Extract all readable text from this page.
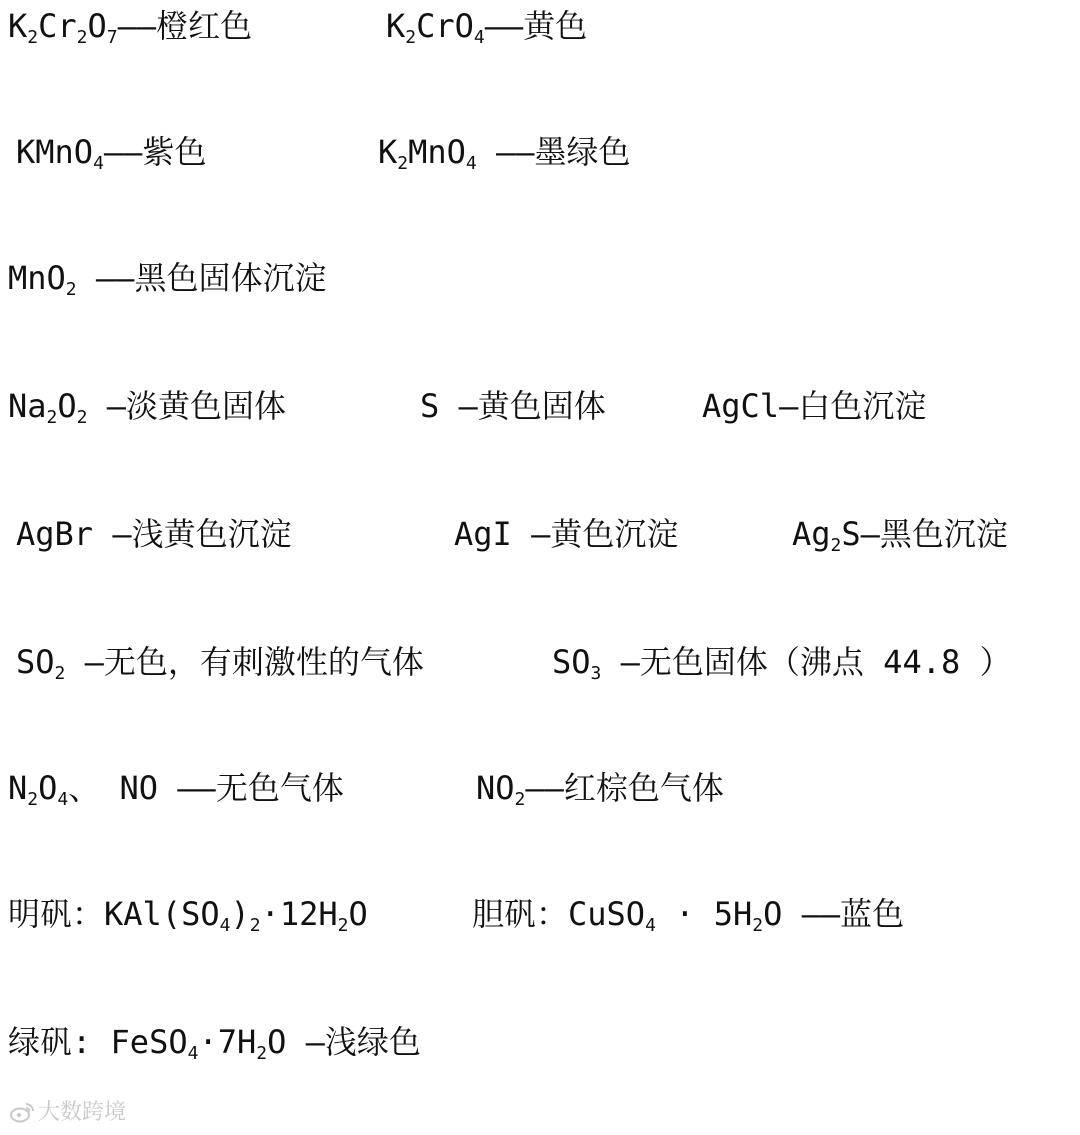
$K_2Cr_2O_7——$橙红色	$K_2CrO_4——$黄色
KMnO$_4$——紫色	$K_2MnO_4$ ——墨绿色
MnO$_2$ ——黑色固体沉淀
$Na_2O_2$ —淡黄色固体	S —黄色固体	AgCl—白色沉淀
AgBr —浅黄色沉淀	AgI —黄色沉淀	$Ag_2S—$黑色沉淀
$SO_2$ —无色，有刺激性的气体	$SO_3$ —无色固体（沸点 44.8 ）
$N_2O_4$、 NO ——无色气体	$NO_2——$红棕色气体
明矾：$KAl(SO_4)_2\cdot 12H_2O$	胆矾：CuSO$_4$ · $5H_2O$ ——蓝色
绿矾: $FeSO_4\cdot 7H_2O$ —浅绿色
大数跨境
